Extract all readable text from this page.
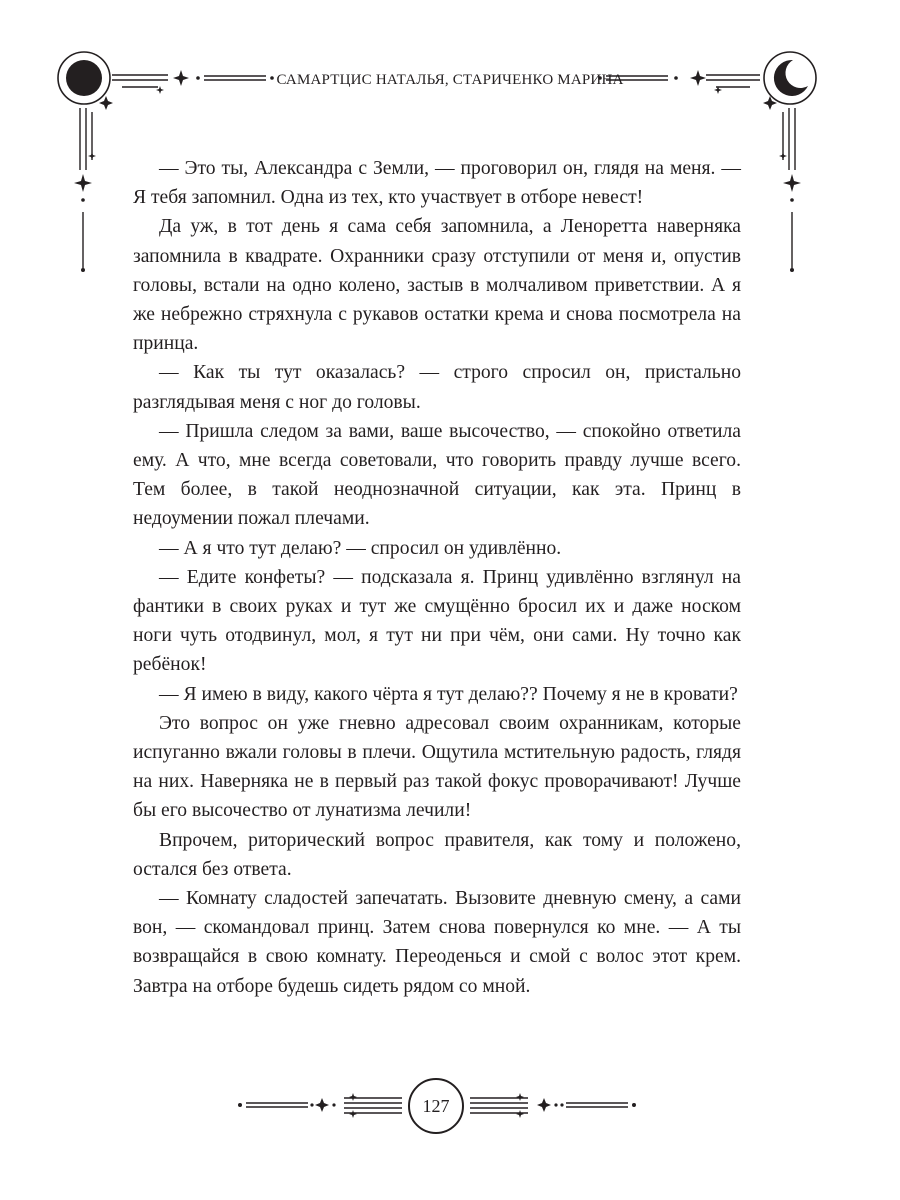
САМАРТЦИС НАТАЛЬЯ, СТАРИЧЕНКО МАРИНА

— Это ты, Александра с Земли, — проговорил он, глядя на меня. — Я тебя запомнил. Одна из тех, кто участвует в отборе невест!

Да уж, в тот день я сама себя запомнила, а Леноретта наверняка запомнила в квадрате. Охранники сразу отступили от меня и, опустив головы, встали на одно колено, застыв в молчаливом приветствии. А я же небрежно стряхнула с рукавов остатки крема и снова посмотрела на принца.

— Как ты тут оказалась? — строго спросил он, пристально разглядывая меня с ног до головы.

— Пришла следом за вами, ваше высочество, — спокойно ответила ему. А что, мне всегда советовали, что говорить правду лучше всего. Тем более, в такой неоднозначной ситуации, как эта. Принц в недоумении пожал плечами.

— А я что тут делаю? — спросил он удивлённо.

— Едите конфеты? — подсказала я. Принц удивлённо взглянул на фантики в своих руках и тут же смущённо бросил их и даже носком ноги чуть отодвинул, мол, я тут ни при чём, они сами. Ну точно как ребёнок!

— Я имею в виду, какого чёрта я тут делаю?? Почему я не в кровати?

Это вопрос он уже гневно адресовал своим охранникам, которые испуганно вжали головы в плечи. Ощутила мстительную радость, глядя на них. Наверняка не в первый раз такой фокус проворачивают! Лучше бы его высочество от лунатизма лечили!

Впрочем, риторический вопрос правителя, как тому и положено, остался без ответа.

— Комнату сладостей запечатать. Вызовите дневную смену, а сами вон, — скомандовал принц. Затем снова повернулся ко мне. — А ты возвращайся в свою комнату. Переоденься и смой с волос этот крем. Завтра на отборе будешь сидеть рядом со мной.

127
